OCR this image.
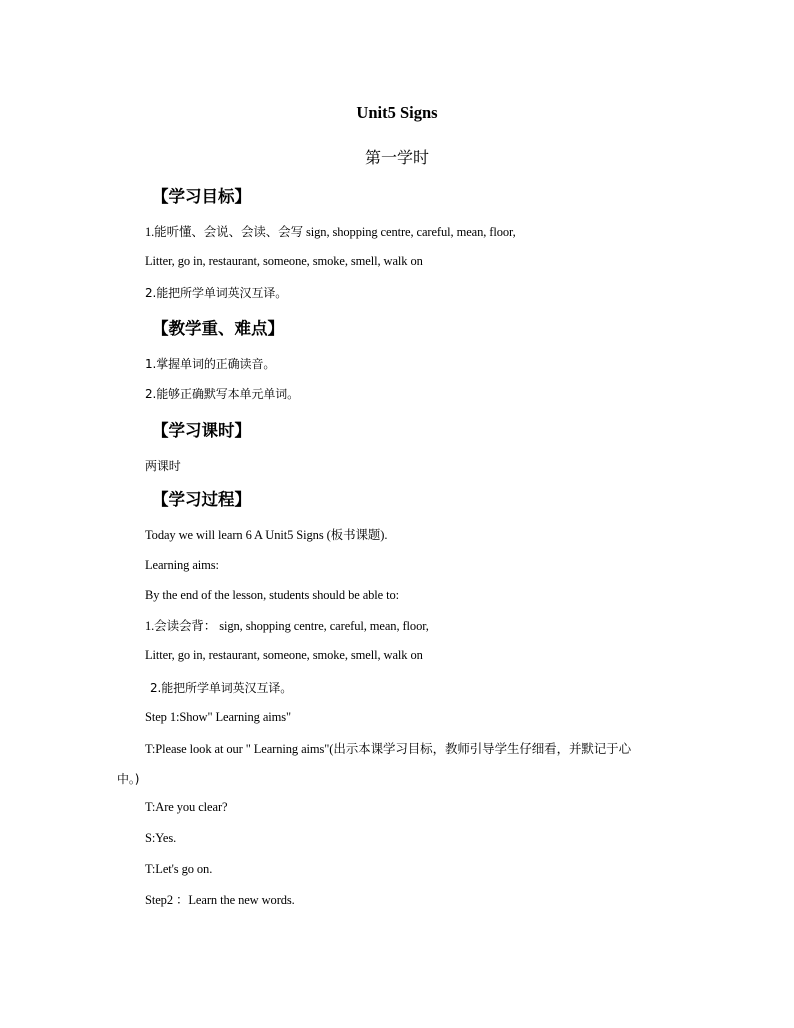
Unit5 Signs
第一学时
【学习目标】
1.能听懂、会说、会读、会写 sign, shopping centre, careful, mean, floor,
Litter, go in, restaurant, someone, smoke, smell, walk on
2.能把所学单词英汉互译。
【教学重、难点】
1.掌握单词的正确读音。
2.能够正确默写本单元单词。
【学习课时】
两课时
【学习过程】
Today we will learn 6 A Unit5 Signs (板书课题).
Learning aims:
By the end of the lesson, students should be able to:
1.会读会背： sign, shopping centre, careful, mean, floor,
Litter, go in, restaurant, someone, smoke, smell, walk on
2.能把所学单词英汉互译。
Step 1:Show" Learning aims"
T:Please look at our " Learning aims"(出示本课学习目标，教师引导学生仔细看，并默记于心
中。)
T:Are you clear?
S:Yes.
T:Let's go on.
Step2 ：Learn the new words.
